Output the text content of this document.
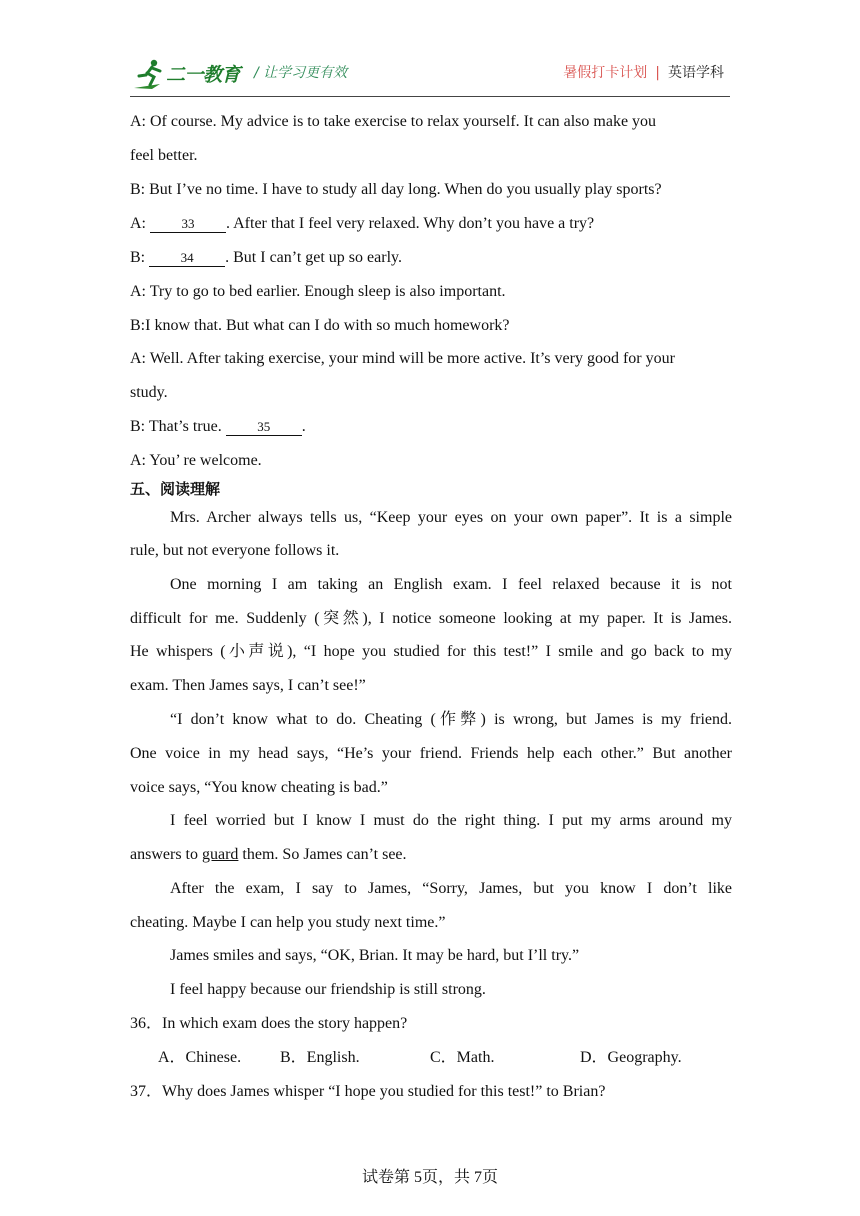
二一教育 / 让学习更有效	暑假打卡计划 | 英语学科
A: Of course. My advice is to take exercise to relax yourself. It can also make you
feel better.
B: But I’ve no time. I have to study all day long. When do you usually play sports?
A: 33 . After that I feel very relaxed. Why don’t you have a try?
B: 34 . But I can’t get up so early.
A: Try to go to bed earlier. Enough sleep is also important.
B:I know that. But what can I do with so much homework?
A: Well. After taking exercise, your mind will be more active. It’s very good for your
study.
B: That’s true. 35 .
A: You’ re welcome.
五、阅读理解
Mrs. Archer always tells us, “Keep your eyes on your own paper”. It is a simple
rule, but not everyone follows it.
One morning I am taking an English exam. I feel relaxed because it is not
difficult for me. Suddenly (突然), I notice someone looking at my paper. It is James.
He whispers (小声说), “I hope you studied for this test!” I smile and go back to my
exam. Then James says, I can’t see!”
“I don’t know what to do. Cheating (作弊) is wrong, but James is my friend.
One voice in my head says, “He’s your friend. Friends help each other.” But another
voice says, “You know cheating is bad.”
I feel worried but I know I must do the right thing. I put my arms around my
answers to guard them. So James can’t see.
After the exam, I say to James, “Sorry, James, but you know I don’t like
cheating. Maybe I can help you study next time.”
James smiles and says, “OK, Brian. It may be hard, but I’ll try.”
I feel happy because our friendship is still strong.
36．In which exam does the story happen?
A．Chinese. B．English.	C．Math.	D．Geography.
37．Why does James whisper “I hope you studied for this test!” to Brian?
试卷第 5页，共 7页
